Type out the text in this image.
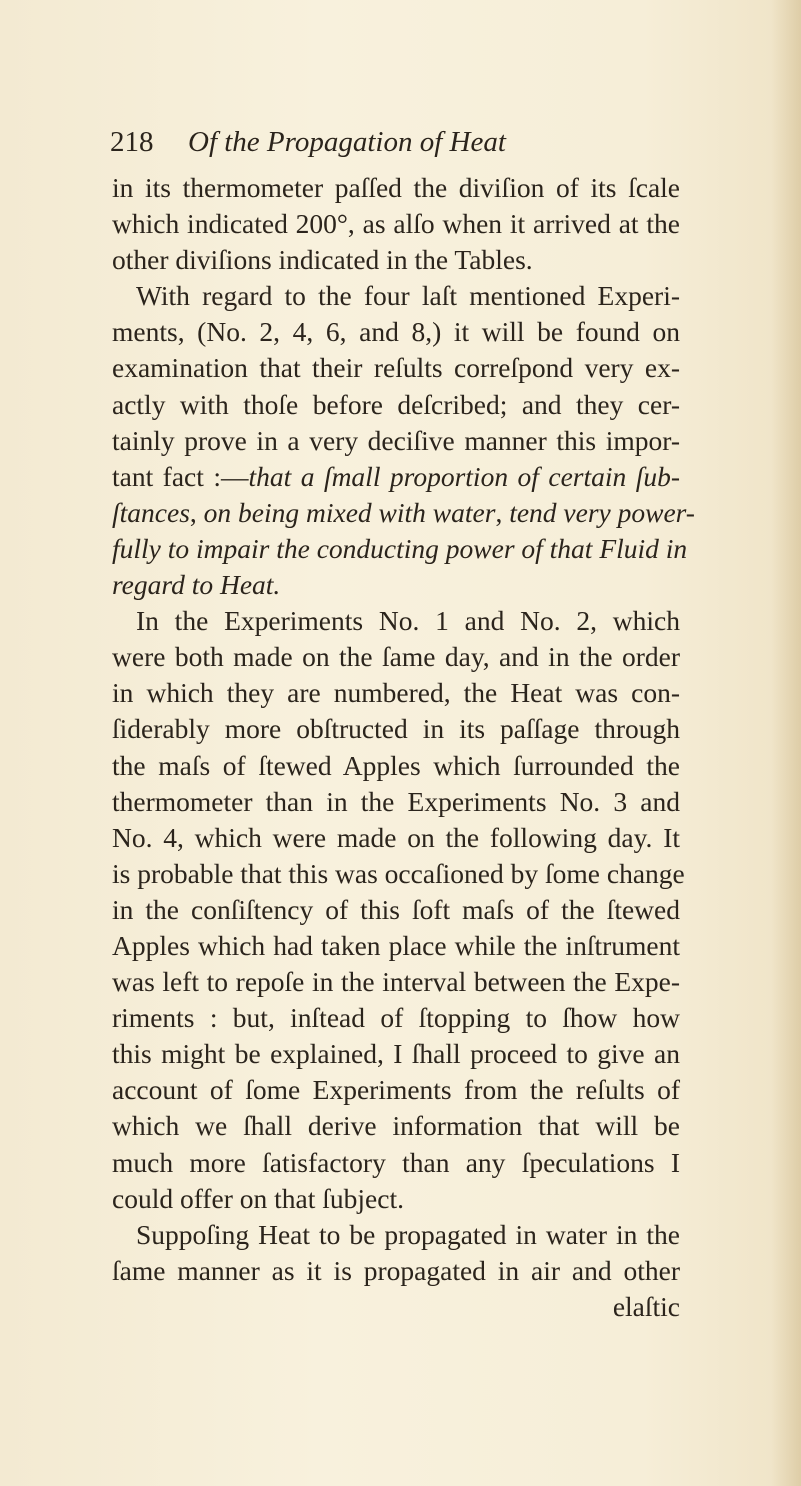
218 Of the Propagation of Heat
in its thermometer paſſed the diviſion of its ſcale
which indicated 200°, as alſo when it arrived at the
other diviſions indicated in the Tables.
With regard to the four laſt mentioned Experi-
ments, (No. 2, 4, 6, and 8,) it will be found on
examination that their reſults correſpond very ex-
actly with thoſe before deſcribed; and they cer-
tainly prove in a very deciſive manner this impor-
tant fact :—that a ſmall proportion of certain ſub-
ſtances, on being mixed with water, tend very power-
fully to impair the conducting power of that Fluid in
regard to Heat.
In the Experiments No. 1 and No. 2, which
were both made on the ſame day, and in the order
in which they are numbered, the Heat was con-
ſiderably more obſtructed in its paſſage through
the maſs of ſtewed Apples which ſurrounded the
thermometer than in the Experiments No. 3 and
No. 4, which were made on the following day. It
is probable that this was occaſioned by ſome change
in the conſiſtency of this ſoft maſs of the ſtewed
Apples which had taken place while the inſtrument
was left to repoſe in the interval between the Expe-
riments : but, inſtead of ſtopping to ſhow how
this might be explained, I ſhall proceed to give an
account of ſome Experiments from the reſults of
which we ſhall derive information that will be
much more ſatisfactory than any ſpeculations I
could offer on that ſubject.
Suppoſing Heat to be propagated in water in the
ſame manner as it is propagated in air and other
elaſtic
